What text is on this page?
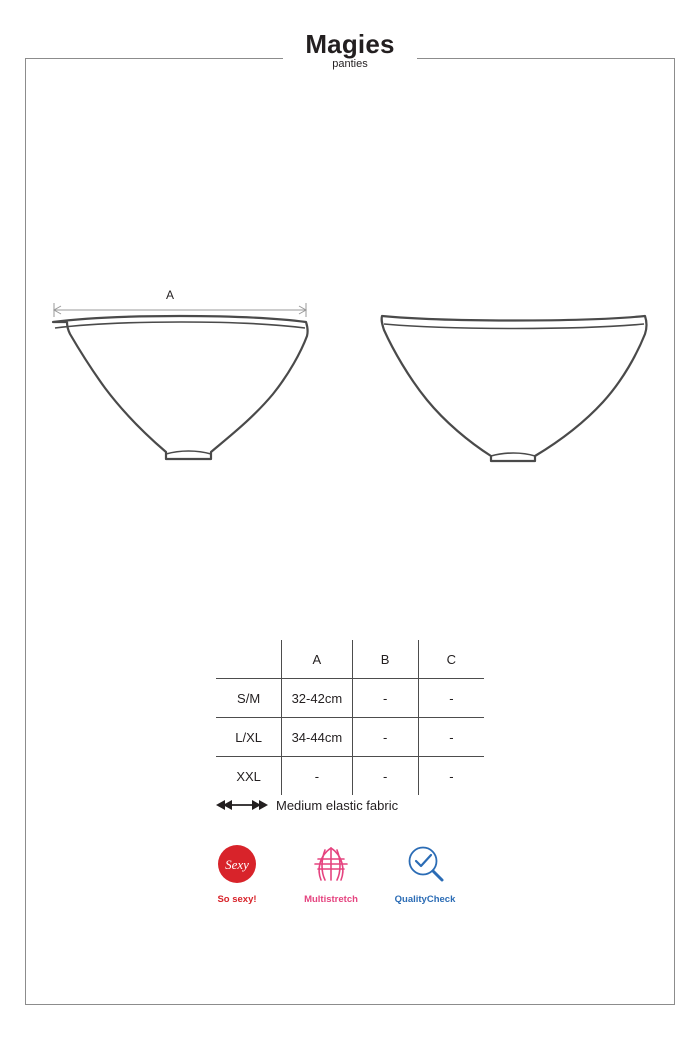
Magies
panties
A
	A	B	C
S/M	32-42cm	-	-
L/XL	34-44cm	-	-
XXL	-	-	-
Medium elastic fabric
Sexy
So sexy!	Multistretch	QualityCheck
